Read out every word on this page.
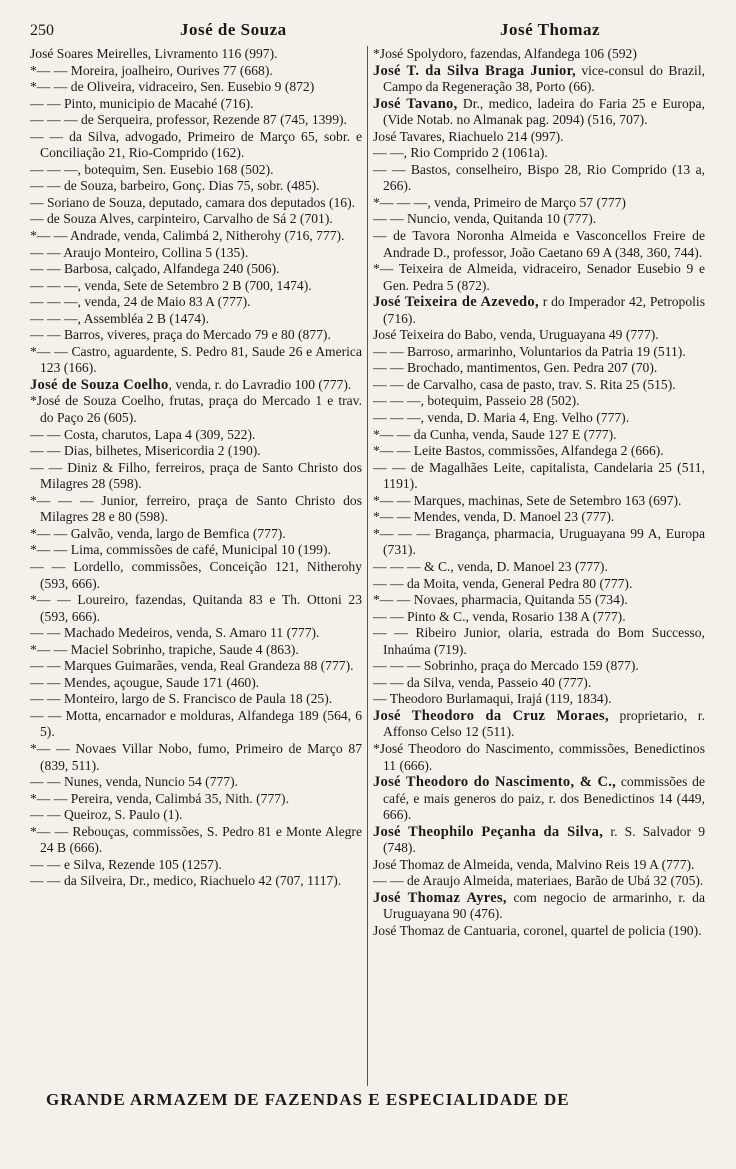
250	José de Souza	José Thomaz

José Soares Meirelles, Livramento 116 (997).

*— — Moreira, joalheiro, Ourives 77 (668).

*— — de Oliveira, vidraceiro, Sen. Eusebio 9 (872)

— — Pinto, municipio de Macahé (716).

— — — de Serqueira, professor, Rezende 87 (745, 1399).

— — da Silva, advogado, Primeiro de Março 65, sobr. e Conciliação 21, Rio-Comprido (162).

— — —, botequim, Sen. Eusebio 168 (502).

— — de Souza, barbeiro, Gonç. Dias 75, sobr. (485).

— Soriano de Souza, deputado, camara dos deputados (16).

— de Souza Alves, carpinteiro, Carvalho de Sá 2 (701).

*— — Andrade, venda, Calimbá 2, Nitherohy (716, 777).

— — Araujo Monteiro, Collina 5 (135).

— — Barbosa, calçado, Alfandega 240 (506).

— — —, venda, Sete de Setembro 2 B (700, 1474).

— — —, venda, 24 de Maio 83 A (777).

— — —, Assembléa 2 B (1474).

— — Barros, viveres, praça do Mercado 79 e 80 (877).

*— — Castro, aguardente, S. Pedro 81, Saude 26 e America 123 (166).

José de Souza Coelho, venda, r. do Lavradio 100 (777).

*José de Souza Coelho, frutas, praça do Mercado 1 e trav. do Paço 26 (605).

— — Costa, charutos, Lapa 4 (309, 522).

— — Dias, bilhetes, Misericordia 2 (190).

— — Diniz & Filho, ferreiros, praça de Santo Christo dos Milagres 28 (598).

*— — — Junior, ferreiro, praça de Santo Christo dos Milagres 28 e 80 (598).

*— — Galvão, venda, largo de Bemfica (777).

*— — Lima, commissões de café, Municipal 10 (199).

— — Lordello, commissões, Conceição 121, Nitherohy (593, 666).

*— — Loureiro, fazendas, Quitanda 83 e Th. Ottoni 23 (593, 666).

— — Machado Medeiros, venda, S. Amaro 11 (777).

*— — Maciel Sobrinho, trapiche, Saude 4 (863).

— — Marques Guimarães, venda, Real Grandeza 88 (777).

— — Mendes, açougue, Saude 171 (460).

— — Monteiro, largo de S. Francisco de Paula 18 (25).

— — Motta, encarnador e molduras, Alfandega 189 (564, 6 5).

*— — Novaes Villar Nobo, fumo, Primeiro de Março 87 (839, 511).

— — Nunes, venda, Nuncio 54 (777).

*— — Pereira, venda, Calimbá 35, Nith. (777).

— — Queiroz, S. Paulo (1).

*— — Rebouças, commissões, S. Pedro 81 e Monte Alegre 24 B (666).

— — e Silva, Rezende 105 (1257).

— — da Silveira, Dr., medico, Riachuelo 42 (707, 1117).

*José Spolydoro, fazendas, Alfandega 106 (592)

José T. da Silva Braga Junior, vice-consul do Brazil, Campo da Regeneração 38, Porto (66).

José Tavano, Dr., medico, ladeira do Faria 25 e Europa, (Vide Notab. no Almanak pag. 2094) (516, 707).

José Tavares, Riachuelo 214 (997).

— —, Rio Comprido 2 (1061a).

— — Bastos, conselheiro, Bispo 28, Rio Comprido (13 a, 266).

*— — —, venda, Primeiro de Março 57 (777)

— — Nuncio, venda, Quitanda 10 (777).

— de Tavora Noronha Almeida e Vasconcellos Freire de Andrade D., professor, João Caetano 69 A (348, 360, 744).

*— Teixeira de Almeida, vidraceiro, Senador Eusebio 9 e Gen. Pedra 5 (872).

José Teixeira de Azevedo, r do Imperador 42, Petropolis (716).

José Teixeira do Babo, venda, Uruguayana 49 (777).

— — Barroso, armarinho, Voluntarios da Patria 19 (511).

— — Brochado, mantimentos, Gen. Pedra 207 (70).

— — de Carvalho, casa de pasto, trav. S. Rita 25 (515).

— — —, botequim, Passeio 28 (502).

— — —, venda, D. Maria 4, Eng. Velho (777).

*— — da Cunha, venda, Saude 127 E (777).

*— — Leite Bastos, commissões, Alfandega 2 (666).

— — de Magalhães Leite, capitalista, Candelaria 25 (511, 1191).

*— — Marques, machinas, Sete de Setembro 163 (697).

*— — Mendes, venda, D. Manoel 23 (777).

*— — — Bragança, pharmacia, Uruguayana 99 A, Europa (731).

— — — & C., venda, D. Manoel 23 (777).

— — da Moita, venda, General Pedra 80 (777).

*— — Novaes, pharmacia, Quitanda 55 (734).

— — Pinto & C., venda, Rosario 138 A (777).

— — Ribeiro Junior, olaria, estrada do Bom Successo, Inhaúma (719).

— — — Sobrinho, praça do Mercado 159 (877).

— — da Silva, venda, Passeio 40 (777).

— Theodoro Burlamaqui, Irajá (119, 1834).

José Theodoro da Cruz Moraes, proprietario, r. Affonso Celso 12 (511).

*José Theodoro do Nascimento, commissões, Benedictinos 11 (666).

José Theodoro do Nascimento, & C., commissões de café, e mais generos do paiz, r. dos Benedictinos 14 (449, 666).

José Theophilo Peçanha da Silva, r. S. Salvador 9 (748).

José Thomaz de Almeida, venda, Malvino Reis 19 A (777).

— — de Araujo Almeida, materiaes, Barão de Ubá 32 (705).

José Thomaz Ayres, com negocio de armarinho, r. da Uruguayana 90 (476).

José Thomaz de Cantuaria, coronel, quartel de policia (190).

GRANDE ARMAZEM DE FAZENDAS E ESPECIALIDADE DE
